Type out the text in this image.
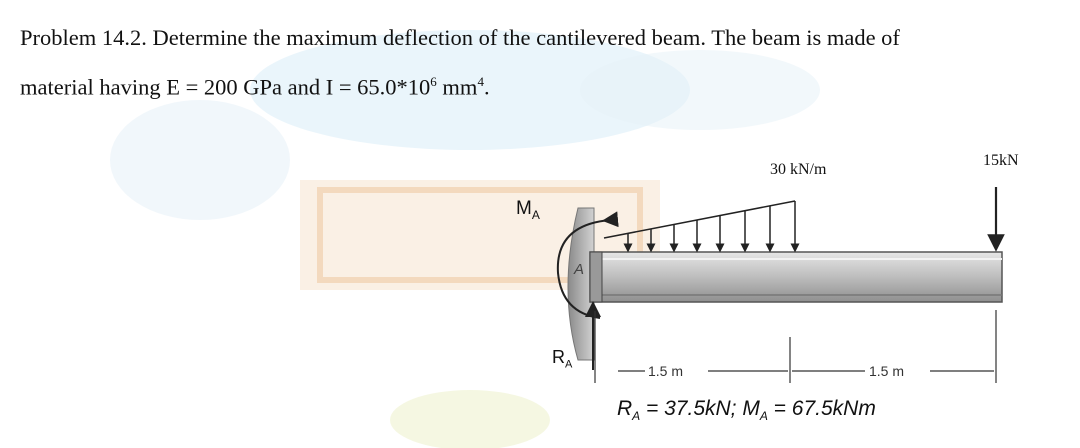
Problem 14.2. Determine the maximum deflection of the cantilevered beam. The beam is made of
material having E = 200 GPa and $I = 65.0*10^6$ $mm^4$.

$M_A$
A
$R_A$
30 kN/m
15kN
1.5 m	1.5 m
$R_A = 37.5kN$; $M_A = 67.5kNm$
